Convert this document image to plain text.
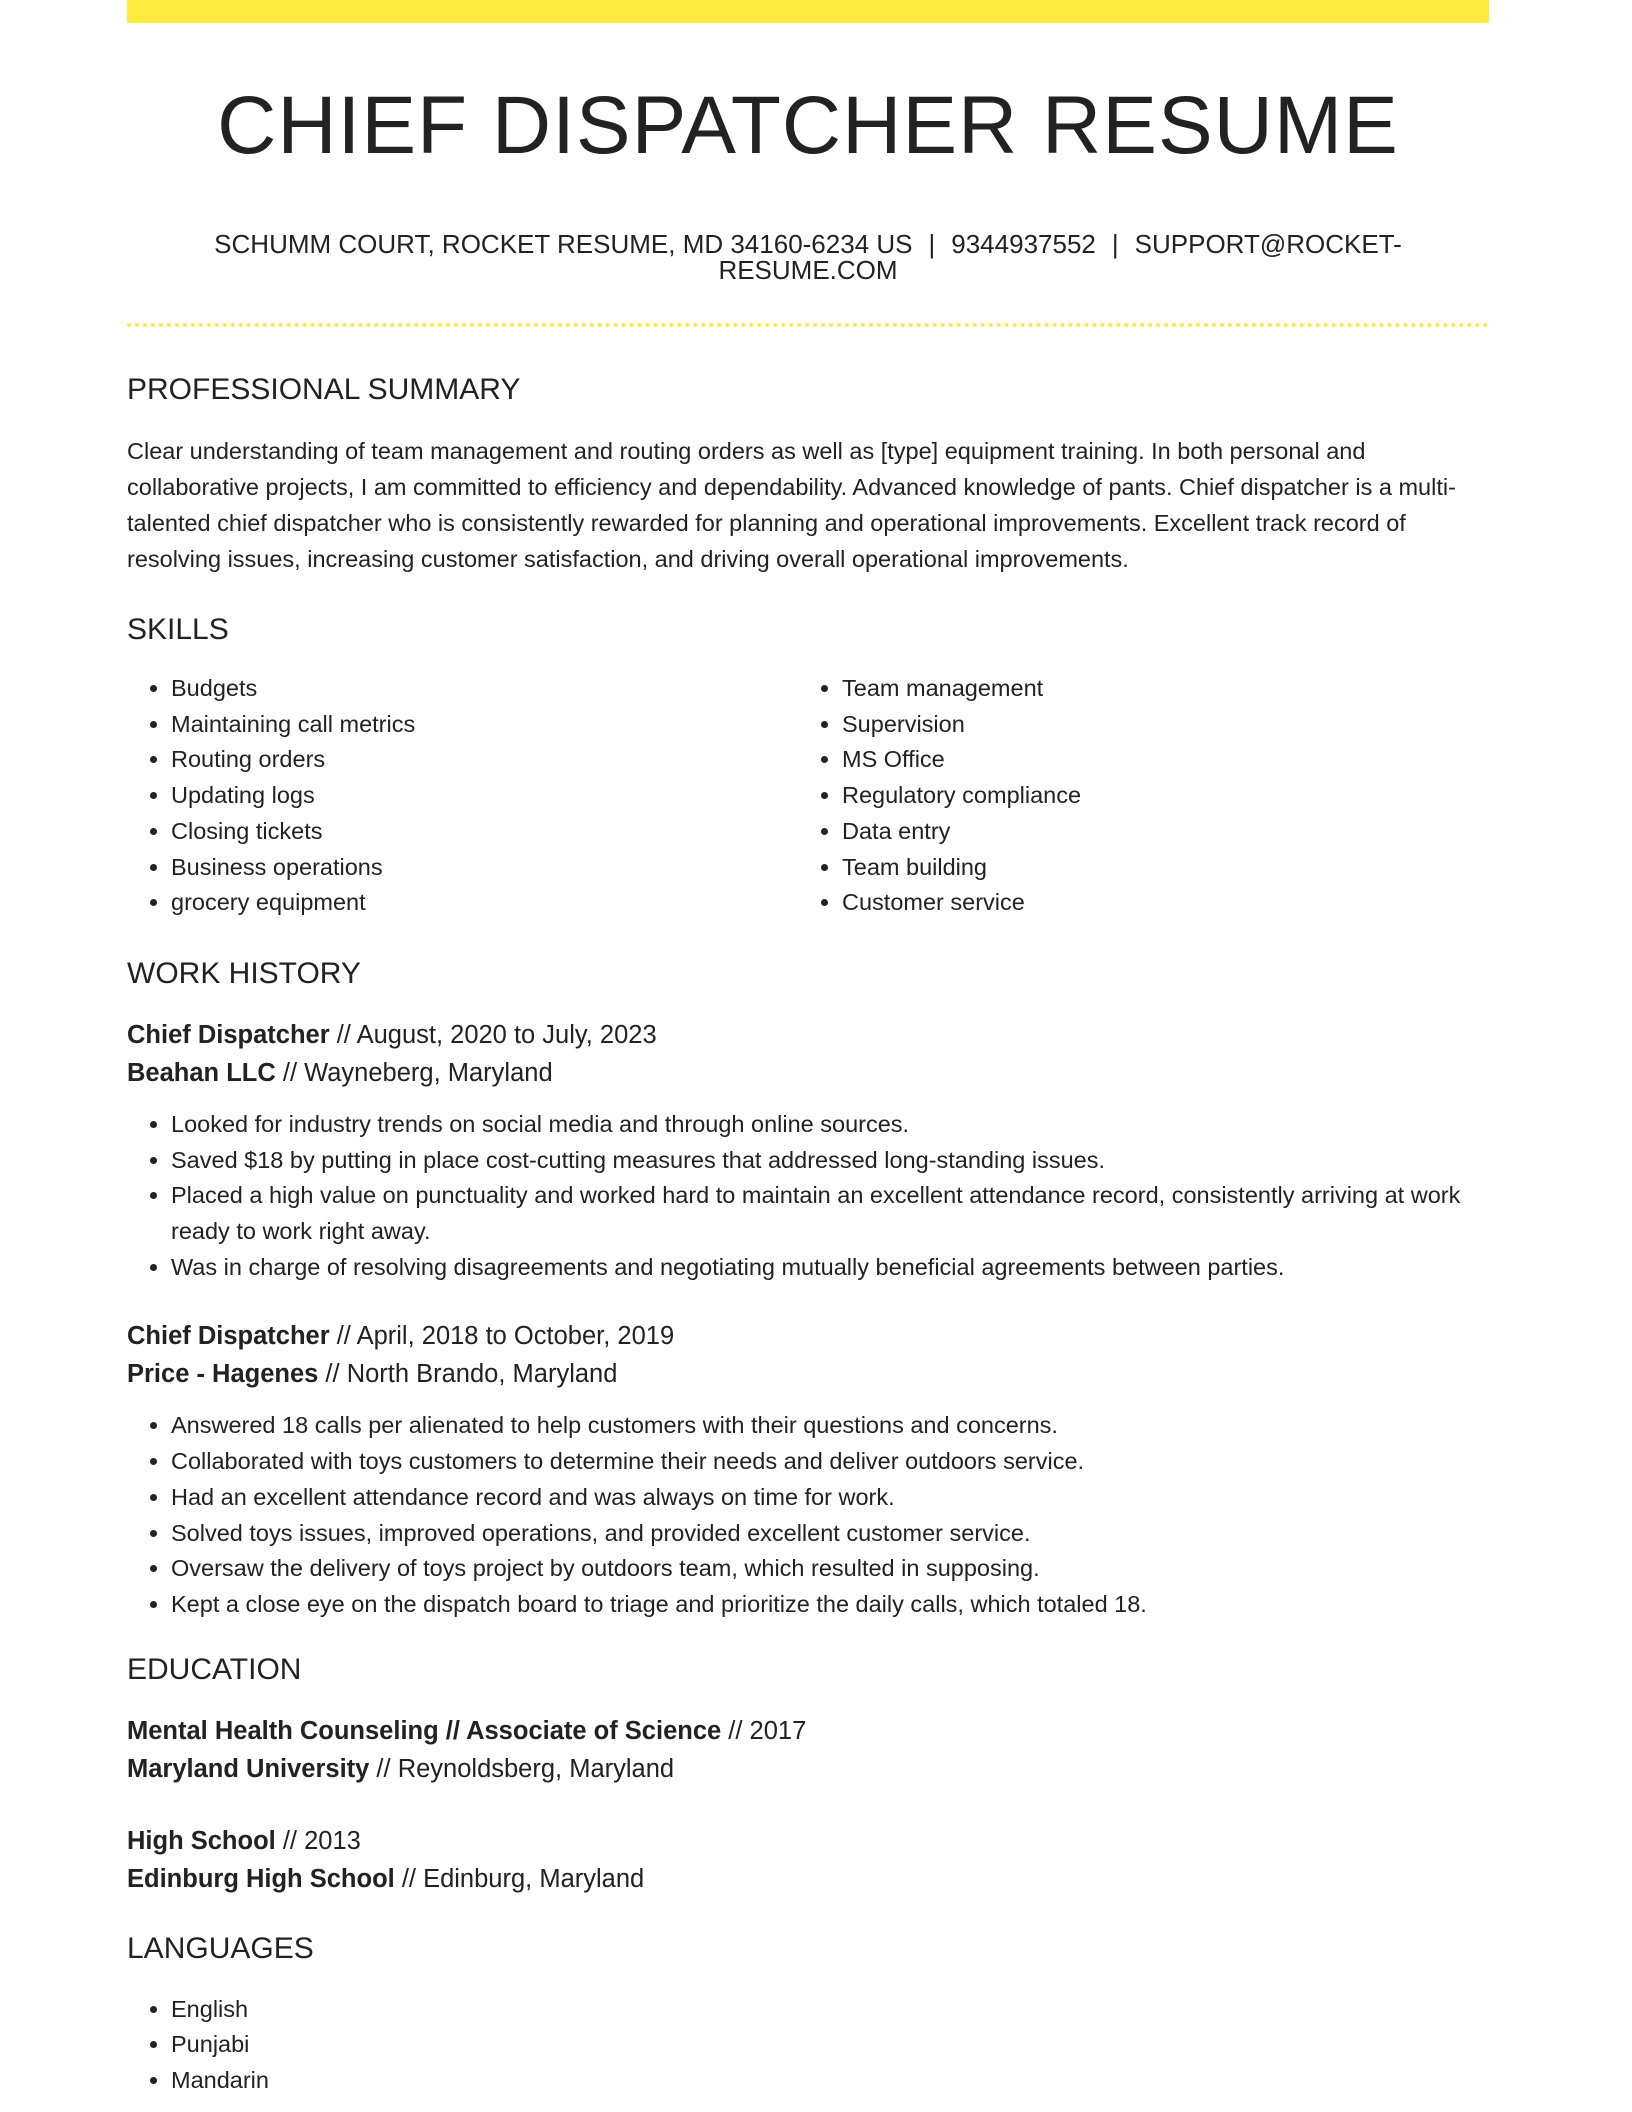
CHIEF DISPATCHER RESUME
SCHUMM COURT, ROCKET RESUME, MD 34160-6234 US | 9344937552 | SUPPORT@ROCKET-RESUME.COM
PROFESSIONAL SUMMARY
Clear understanding of team management and routing orders as well as [type] equipment training. In both personal and collaborative projects, I am committed to efficiency and dependability. Advanced knowledge of pants. Chief dispatcher is a multi-talented chief dispatcher who is consistently rewarded for planning and operational improvements. Excellent track record of resolving issues, increasing customer satisfaction, and driving overall operational improvements.
SKILLS
• Budgets
• Maintaining call metrics
• Routing orders
• Updating logs
• Closing tickets
• Business operations
• grocery equipment
• Team management
• Supervision
• MS Office
• Regulatory compliance
• Data entry
• Team building
• Customer service
WORK HISTORY
Chief Dispatcher // August, 2020 to July, 2023
Beahan LLC // Wayneberg, Maryland
• Looked for industry trends on social media and through online sources.
• Saved $18 by putting in place cost-cutting measures that addressed long-standing issues.
• Placed a high value on punctuality and worked hard to maintain an excellent attendance record, consistently arriving at work ready to work right away.
• Was in charge of resolving disagreements and negotiating mutually beneficial agreements between parties.
Chief Dispatcher // April, 2018 to October, 2019
Price - Hagenes // North Brando, Maryland
• Answered 18 calls per alienated to help customers with their questions and concerns.
• Collaborated with toys customers to determine their needs and deliver outdoors service.
• Had an excellent attendance record and was always on time for work.
• Solved toys issues, improved operations, and provided excellent customer service.
• Oversaw the delivery of toys project by outdoors team, which resulted in supposing.
• Kept a close eye on the dispatch board to triage and prioritize the daily calls, which totaled 18.
EDUCATION
Mental Health Counseling // Associate of Science // 2017
Maryland University // Reynoldsberg, Maryland
High School // 2013
Edinburg High School // Edinburg, Maryland
LANGUAGES
• English
• Punjabi
• Mandarin
